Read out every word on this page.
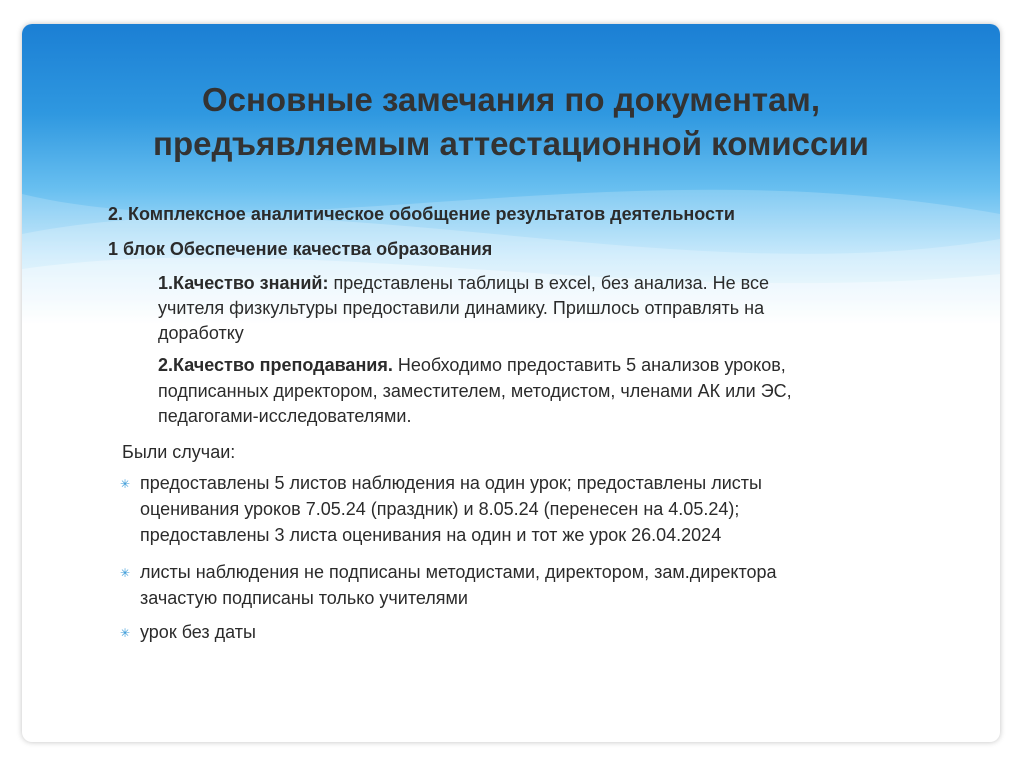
Основные замечания по документам, предъявляемым аттестационной комиссии
2. Комплексное аналитическое обобщение результатов деятельности
1 блок Обеспечение качества образования
1.Качество знаний: представлены таблицы в excel, без анализа. Не все
учителя физкультуры предоставили динамику. Пришлось отправлять на
доработку
2.Качество преподавания. Необходимо предоставить 5 анализов уроков,
подписанных директором, заместителем, методистом, членами АК или ЭС,
педагогами-исследователями.
Были случаи:
✳ предоставлены 5 листов наблюдения на один урок; предоставлены листы
оценивания уроков 7.05.24 (праздник) и 8.05.24 (перенесен на 4.05.24);
предоставлены 3 листа оценивания на один и тот же урок 26.04.2024
✳ листы наблюдения не подписаны методистами, директором, зам.директора
зачастую подписаны только учителями
✳ урок без даты
